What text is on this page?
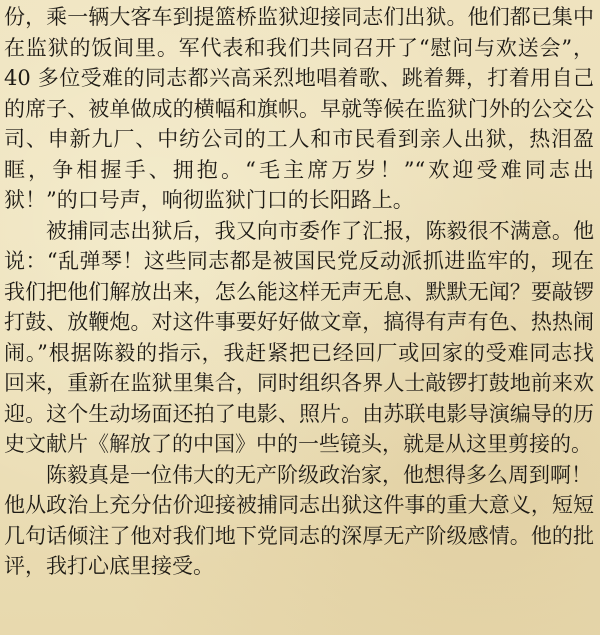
份，乘一辆大客车到提篮桥监狱迎接同志们出狱。他们都已集中
在监狱的饭间里。军代表和我们共同召开了“慰问与欢送会”，
40 多位受难的同志都兴高采烈地唱着歌、跳着舞，打着用自己
的席子、被单做成的横幅和旗帜。早就等候在监狱门外的公交公
司、申新九厂、中纺公司的工人和市民看到亲人出狱，热泪盈
眶，争相握手、拥抱。“毛主席万岁！”“欢迎受难同志出
狱！”的口号声，响彻监狱门口的长阳路上。
被捕同志出狱后，我又向市委作了汇报，陈毅很不满意。他
说：“乱弹琴！这些同志都是被国民党反动派抓进监牢的，现在
我们把他们解放出来，怎么能这样无声无息、默默无闻？要敲锣
打鼓、放鞭炮。对这件事要好好做文章，搞得有声有色、热热闹
闹。”根据陈毅的指示，我赶紧把已经回厂或回家的受难同志找
回来，重新在监狱里集合，同时组织各界人士敲锣打鼓地前来欢
迎。这个生动场面还拍了电影、照片。由苏联电影导演编导的历
史文献片《解放了的中国》中的一些镜头，就是从这里剪接的。
陈毅真是一位伟大的无产阶级政治家，他想得多么周到啊！
他从政治上充分估价迎接被捕同志出狱这件事的重大意义，短短
几句话倾注了他对我们地下党同志的深厚无产阶级感情。他的批
评，我打心底里接受。
